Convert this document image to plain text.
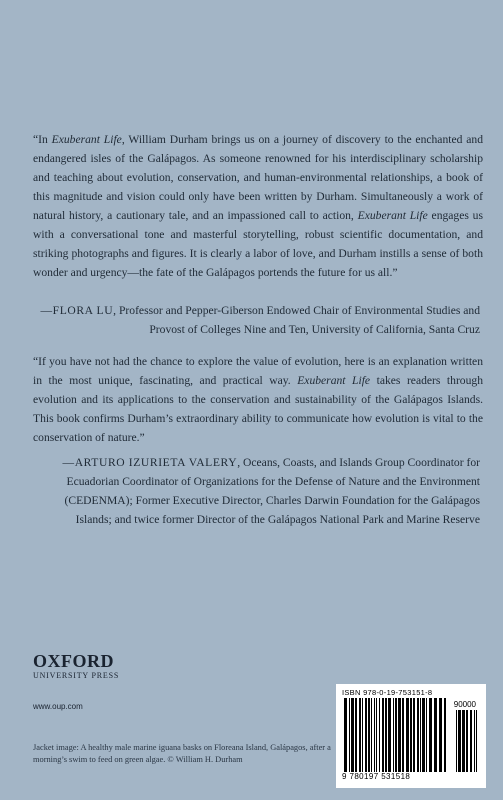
“In Exuberant Life, William Durham brings us on a journey of discovery to the enchanted and endangered isles of the Galápagos. As someone renowned for his interdisciplinary scholarship and teaching about evolution, conservation, and human-environmental relationships, a book of this magnitude and vision could only have been written by Durham. Simultaneously a work of natural history, a cautionary tale, and an impassioned call to action, Exuberant Life engages us with a conversational tone and masterful storytelling, robust scientific documentation, and striking photographs and figures. It is clearly a labor of love, and Durham instills a sense of both wonder and urgency—the fate of the Galápagos portends the future for us all.”

—FLORA LU, Professor and Pepper-Giberson Endowed Chair of Environmental Studies and Provost of Colleges Nine and Ten, University of California, Santa Cruz

“If you have not had the chance to explore the value of evolution, here is an explanation written in the most unique, fascinating, and practical way. Exuberant Life takes readers through evolution and its applications to the conservation and sustainability of the Galápagos Islands. This book confirms Durham’s extraordinary ability to communicate how evolution is vital to the conservation of nature.”

—ARTURO IZURIETA VALERY, Oceans, Coasts, and Islands Group Coordinator for Ecuadorian Coordinator of Organizations for the Defense of Nature and the Environment (CEDENMA); Former Executive Director, Charles Darwin Foundation for the Galápagos Islands; and twice former Director of the Galápagos National Park and Marine Reserve
OXFORD
UNIVERSITY PRESS
www.oup.com
Jacket image: A healthy male marine iguana basks on Floreana Island, Galápagos, after a morning’s swim to feed on green algae. © William H. Durham
ISBN 978-0-19-753151-8
90000
9 780197 531518
